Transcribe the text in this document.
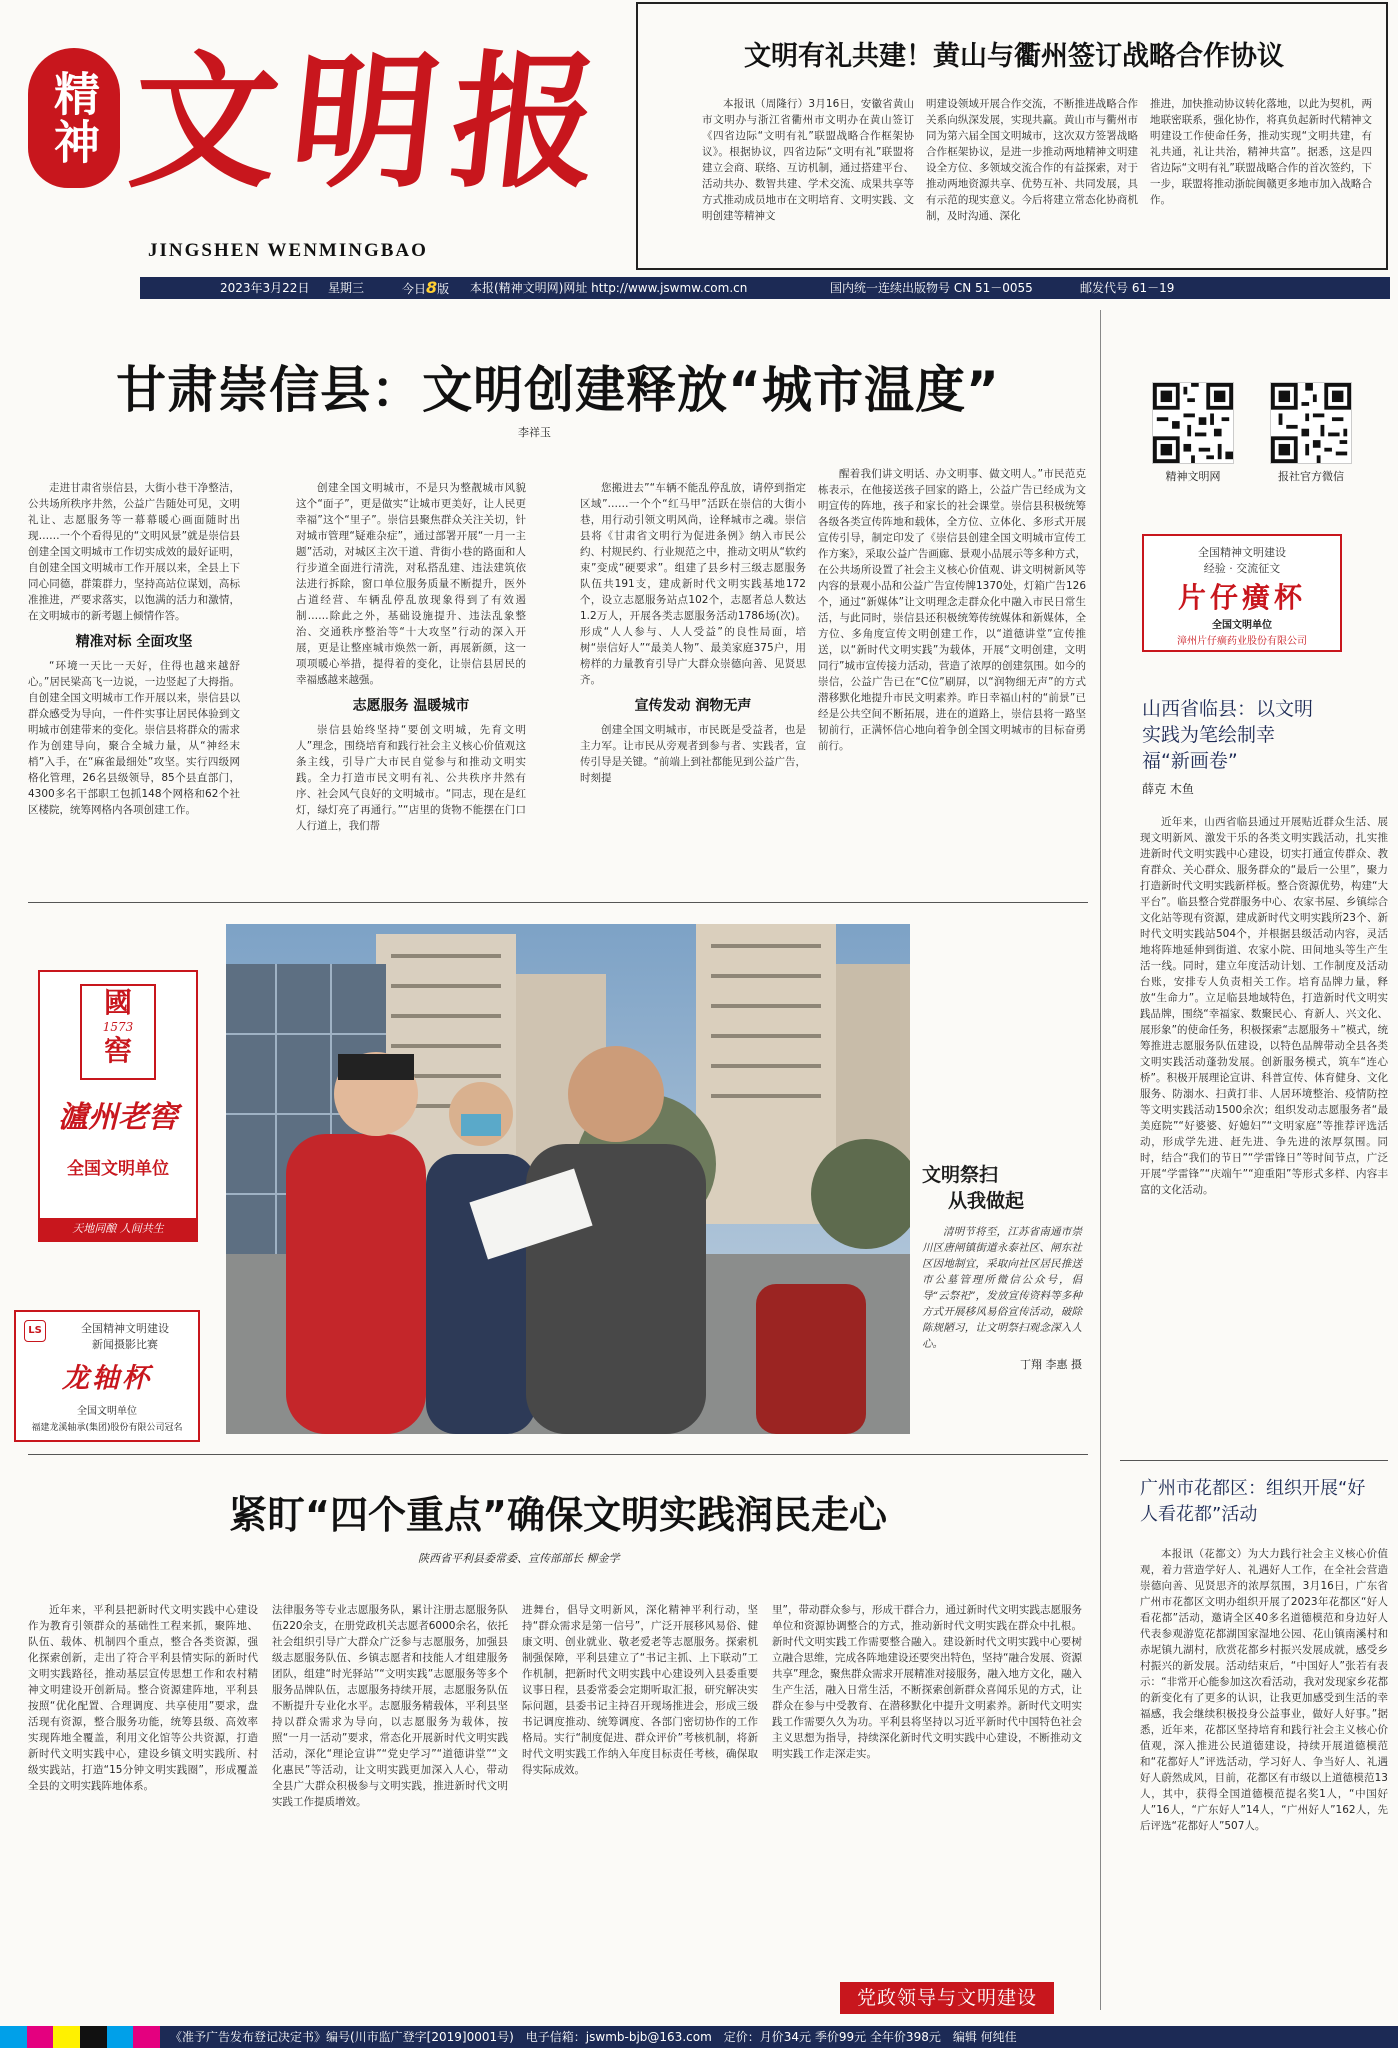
精神 文明报
JINGSHEN WENMINGBAO
文明有礼共建！黄山与衢州签订战略合作协议
本报讯（周隆行）3月16日，安徽省黄山市文明办与浙江省衢州市文明办在黄山签订《四省边际“文明有礼”联盟战略合作框架协议》。根据协议，四省边际“文明有礼”联盟将建立会商、联络、互访机制，通过搭建平台、活动共办、数智共建、学术交流、成果共享等方式推动成员地市在文明培育、文明实践、文明创建等精神文
明建设领域开展合作交流，不断推进战略合作关系向纵深发展，实现共赢。黄山市与衢州市同为第六届全国文明城市，这次双方签署战略合作框架协议，是进一步推动两地精神文明建设全方位、多领域交流合作的有益探索，对于推动两地资源共享、优势互补、共同发展，具有示范的现实意义。今后将建立常态化协商机制，及时沟通、深化
推进，加快推动协议转化落地，以此为契机，两地联密联系，强化协作，将真负起新时代精神文明建设工作使命任务，推动实现“文明共建，有礼共通，礼让共治，精神共富”。据悉，这是四省边际“文明有礼”联盟战略合作的首次签约，下一步，联盟将推动浙皖闽赣更多地市加入战略合作。
2023年3月22日 星期三	今日8版 本报(精神文明网)网址 http://www.jswmw.com.cn	国内统一连续出版物号 CN 51－0055	邮发代号 61－19
甘肃崇信县：文明创建释放“城市温度”
李祥玉

走进甘肃省崇信县，大街小巷干净整洁，公共场所秩序井然，公益广告随处可见，文明礼让、志愿服务等一幕幕暖心画面随时出现……一个个看得见的“文明风景”就是崇信县创建全国文明城市工作切实成效的最好证明，自创建全国文明城市工作开展以来，全县上下同心同德，群策群力，坚持高站位谋划，高标准推进，严要求落实，以饱满的活力和激情，在文明城市的新考题上倾情作答。

精准对标 全面攻坚

“环境一天比一天好，住得也越来越舒心。”居民梁高飞一边说，一边竖起了大拇指。自创建全国文明城市工作开展以来，崇信县以群众感受为导向，一件件实事让居民体验到文明城市创建带来的变化。崇信县将群众的需求作为创建导向，聚合全城力量，从“神经末梢”入手，在“麻雀最细处”攻坚。实行四级网格化管理，26名县级领导，85个县直部门，4300多名干部职工包抓148个网格和62个社区楼院，统筹网格内各项创建工作。

创建全国文明城市，不是只为整靓城市风貌这个“面子”，更是做实“让城市更美好，让人民更幸福”这个“里子”。崇信县聚焦群众关注关切，针对城市管理“疑难杂症”，通过部署开展“一月一主题”活动，对城区主次干道、背街小巷的路面和人行步道全面进行清洗，对私搭乱建、违法建筑依法进行拆除，窗口单位服务质量不断提升，医外占道经营、车辆乱停乱放现象得到了有效遏制……除此之外，基础设施提升、违法乱象整治、交通秩序整治等“十大攻坚”行动的深入开展，更是让整座城市焕然一新，再展新颜，这一项项暖心举措，提得着的变化，让崇信县居民的幸福感越来越强。

志愿服务 温暖城市

崇信县始终坚持“要创文明城，先育文明人”理念，围绕培育和践行社会主义核心价值观这条主线，引导广大市民自觉参与和推动文明实践。全力打造市民文明有礼、公共秩序井然有序、社会风气良好的文明城市。“同志，现在是红灯，绿灯亮了再通行。”“店里的货物不能摆在门口人行道上，我们帮

您搬进去”“车辆不能乱停乱放，请停到指定区域”……一个个“红马甲”活跃在崇信的大街小巷，用行动引领文明风尚，诠释城市之魂。崇信县将《甘肃省文明行为促进条例》纳入市民公约、村规民约、行业规范之中，推动文明从“软约束”变成“硬要求”。组建了县乡村三级志愿服务队伍共191支，建成新时代文明实践基地172个，设立志愿服务站点102个，志愿者总人数达1.2万人，开展各类志愿服务活动1786场(次)。形成“人人参与、人人受益”的良性局面，培树“崇信好人”“最美人物”、最美家庭375户，用榜样的力量教育引导广大群众崇德向善、见贤思齐。

宣传发动 润物无声

创建全国文明城市，市民既是受益者，也是主力军。让市民从旁观者到参与者、实践者，宣传引导是关键。“前端上到社都能见到公益广告，时刻提

醒着我们讲文明话、办文明事、做文明人。”市民范克栋表示，在他接送孩子回家的路上，公益广告已经成为文明宣传的阵地，孩子和家长的社会课堂。崇信县积极统筹各级各类宣传阵地和载体，全方位、立体化、多形式开展宣传引导，制定印发了《崇信县创建全国文明城市宣传工作方案》，采取公益广告画廊、景观小品展示等多种方式，在公共场所设置了社会主义核心价值观、讲文明树新风等内容的景观小品和公益广告宣传牌1370处，灯箱广告126个，通过“新媒体”让文明理念走群众化中融入市民日常生活，与此同时，崇信县还积极统筹传统媒体和新媒体，全方位、多角度宣传文明创建工作，以“道德讲堂”宣传推送，以“新时代文明实践”为载体，开展“文明创建，文明同行”城市宣传接力活动，营造了浓厚的创建氛围。如今的崇信，公益广告已在“C位”刷屏，以“润物细无声”的方式潜移默化地提升市民文明素养。昨日幸福山村的“前景”已经是公共空间不断拓展，进在的道路上，崇信县将一路坚韧前行，正满怀信心地向着争创全国文明城市的目标奋勇前行。

精神文明网	报社官方微信
全国精神文明建设
经验 · 交流征文
片仔癀杯
全国文明单位
漳州片仔癀药业股份有限公司
山西省临县：以文明实践为笔绘制幸福“新画卷”
薛克 木鱼
近年来，山西省临县通过开展贴近群众生活、展现文明新风、激发干乐的各类文明实践活动，扎实推进新时代文明实践中心建设，切实打通宣传群众、教育群众、关心群众、服务群众的“最后一公里”，聚力打造新时代文明实践新样板。整合资源优势，构建“大平台”。临县整合党群服务中心、农家书屋、乡镇综合文化站等现有资源，建成新时代文明实践所23个、新时代文明实践站504个，并根据县级活动内容，灵活地将阵地延伸到街道、农家小院、田间地头等生产生活一线。同时，建立年度活动计划、工作制度及活动台账，安排专人负责相关工作。培育品牌力量，释放“生命力”。立足临县地域特色，打造新时代文明实践品牌，围绕“幸福家、数聚民心、育新人、兴文化、展形象”的使命任务，积极探索“志愿服务＋”模式，统筹推进志愿服务队伍建设，以特色品牌带动全县各类文明实践活动蓬勃发展。创新服务模式，筑车“连心桥”。积极开展理论宣讲、科普宣传、体育健身、文化服务、防溺水、扫黄打非、人居环境整治、疫情防控等文明实践活动1500余次；组织发动志愿服务者“最美庭院”“好婆婆、好媳妇”“文明家庭”等推荐评选活动，形成学先进、赶先进、争先进的浓厚氛围。同时，结合“我们的节日”“学雷锋日”等时间节点，广泛开展“学雷锋”“庆端午”“迎重阳”等形式多样、内容丰富的文化活动。
國
1573
窖
瀘州老窖
全国文明单位
天地同酿 人间共生
LS	全国精神文明建设
新闻摄影比赛
龙轴杯
全国文明单位
福建龙溪轴承(集团)股份有限公司冠名
文明祭扫
从我做起
清明节将至，江苏省南通市崇川区唐闸镇街道永泰社区、闸东社区因地制宜，采取向社区居民推送市公墓管理所微信公众号，倡导“云祭祀”，发放宣传资料等多种方式开展移风易俗宣传活动，破除陈规陋习，让文明祭扫观念深入人心。
丁翔 李惠 摄
紧盯“四个重点”确保文明实践润民走心
陕西省平利县委常委、宣传部部长 柳金学
近年来，平利县把新时代文明实践中心建设作为教育引领群众的基础性工程来抓，聚阵地、队伍、载体、机制四个重点，整合各类资源，强化探索创新，走出了符合平利县情实际的新时代文明实践路径，推动基层宣传思想工作和农村精神文明建设开创新局。整合资源建阵地，平利县按照“优化配置、合理调度、共享使用”要求，盘活现有资源，整合服务功能，统筹县级、高效率实现阵地全覆盖，利用文化馆等公共资源，打造新时代文明实践中心，建设乡镇文明实践所、村级实践站，打造“15分钟文明实践圈”，形成覆盖全县的文明实践阵地体系。
法律服务等专业志愿服务队，累计注册志愿服务队伍220余支，在册党政机关志愿者6000余名，依托社会组织引导广大群众广泛参与志愿服务，加强县级志愿服务队伍、乡镇志愿者和技能人才组建服务团队，组建“时光驿站”“文明实践”志愿服务等多个服务品牌队伍，志愿服务持续开展，志愿服务队伍不断提升专业化水平。志愿服务精载体，平利县坚持以群众需求为导向，以志愿服务为载体，按照“一月一活动”要求，常态化开展新时代文明实践活动，深化“理论宣讲”“党史学习”“道德讲堂”“文化惠民”等活动，让文明实践更加深入人心，带动全县广大群众积极参与文明实践，推进新时代文明实践工作提质增效。
进舞台，倡导文明新风，深化精神平利行动，坚持“群众需求是第一信号”，广泛开展移风易俗、健康文明、创业就业、敬老爱老等志愿服务。探索机制强保障，平利县建立了“书记主抓、上下联动”工作机制，把新时代文明实践中心建设列入县委重要议事日程，县委常委会定期听取汇报，研究解决实际问题，县委书记主持召开现场推进会，形成三级书记调度推动、统筹调度、各部门密切协作的工作格局。实行“制度促进、群众评价”考核机制，将新时代文明实践工作纳入年度目标责任考核，确保取得实际成效。
里”，带动群众参与，形成干群合力，通过新时代文明实践志愿服务单位和资源协调整合的方式，推动新时代文明实践在群众中扎根。新时代文明实践工作需要整合融入。建设新时代文明实践中心要树立融合思维，完成各阵地建设还要突出特色，坚持“融合发展、资源共享”理念，聚焦群众需求开展精准对接服务，融入地方文化，融入生产生活，融入日常生活，不断探索创新群众喜闻乐见的方式，让群众在参与中受教育、在潜移默化中提升文明素养。新时代文明实践工作需要久久为功。平利县将坚持以习近平新时代中国特色社会主义思想为指导，持续深化新时代文明实践中心建设，不断推动文明实践工作走深走实。
党政领导与文明建设
广州市花都区：组织开展“好人看花都”活动
本报讯（花都文）为大力践行社会主义核心价值观，着力营造学好人、礼遇好人工作，在全社会营造崇德向善、见贤思齐的浓厚氛围，3月16日，广东省广州市花都区文明办组织开展了2023年花都区“好人看花都”活动，邀请全区40多名道德模范和身边好人代表参观游览花都湖国家湿地公园、花山镇南溪村和赤坭镇九湖村，欣赏花都乡村振兴发展成就，感受乡村振兴的新发展。活动结束后，“中国好人”张若有表示：“非常开心能参加这次看活动，我对发现家乡花都的新变化有了更多的认识，让我更加感受到生活的幸福感，我会继续积极投身公益事业，做好人好事。”据悉，近年来，花都区坚持培育和践行社会主义核心价值观，深入推进公民道德建设，持续开展道德模范和“花都好人”评选活动，学习好人、争当好人、礼遇好人蔚然成风，目前，花都区有市级以上道德模范13人，其中，获得全国道德模范提名奖1人，“中国好人”16人，“广东好人”14人，“广州好人”162人，先后评选“花都好人”507人。
《准予广告发布登记决定书》编号(川市监广登字[2019]0001号)　电子信箱：jswmb-bjb@163.com　定价：月价34元 季价99元 全年价398元　编辑 何纯佳
